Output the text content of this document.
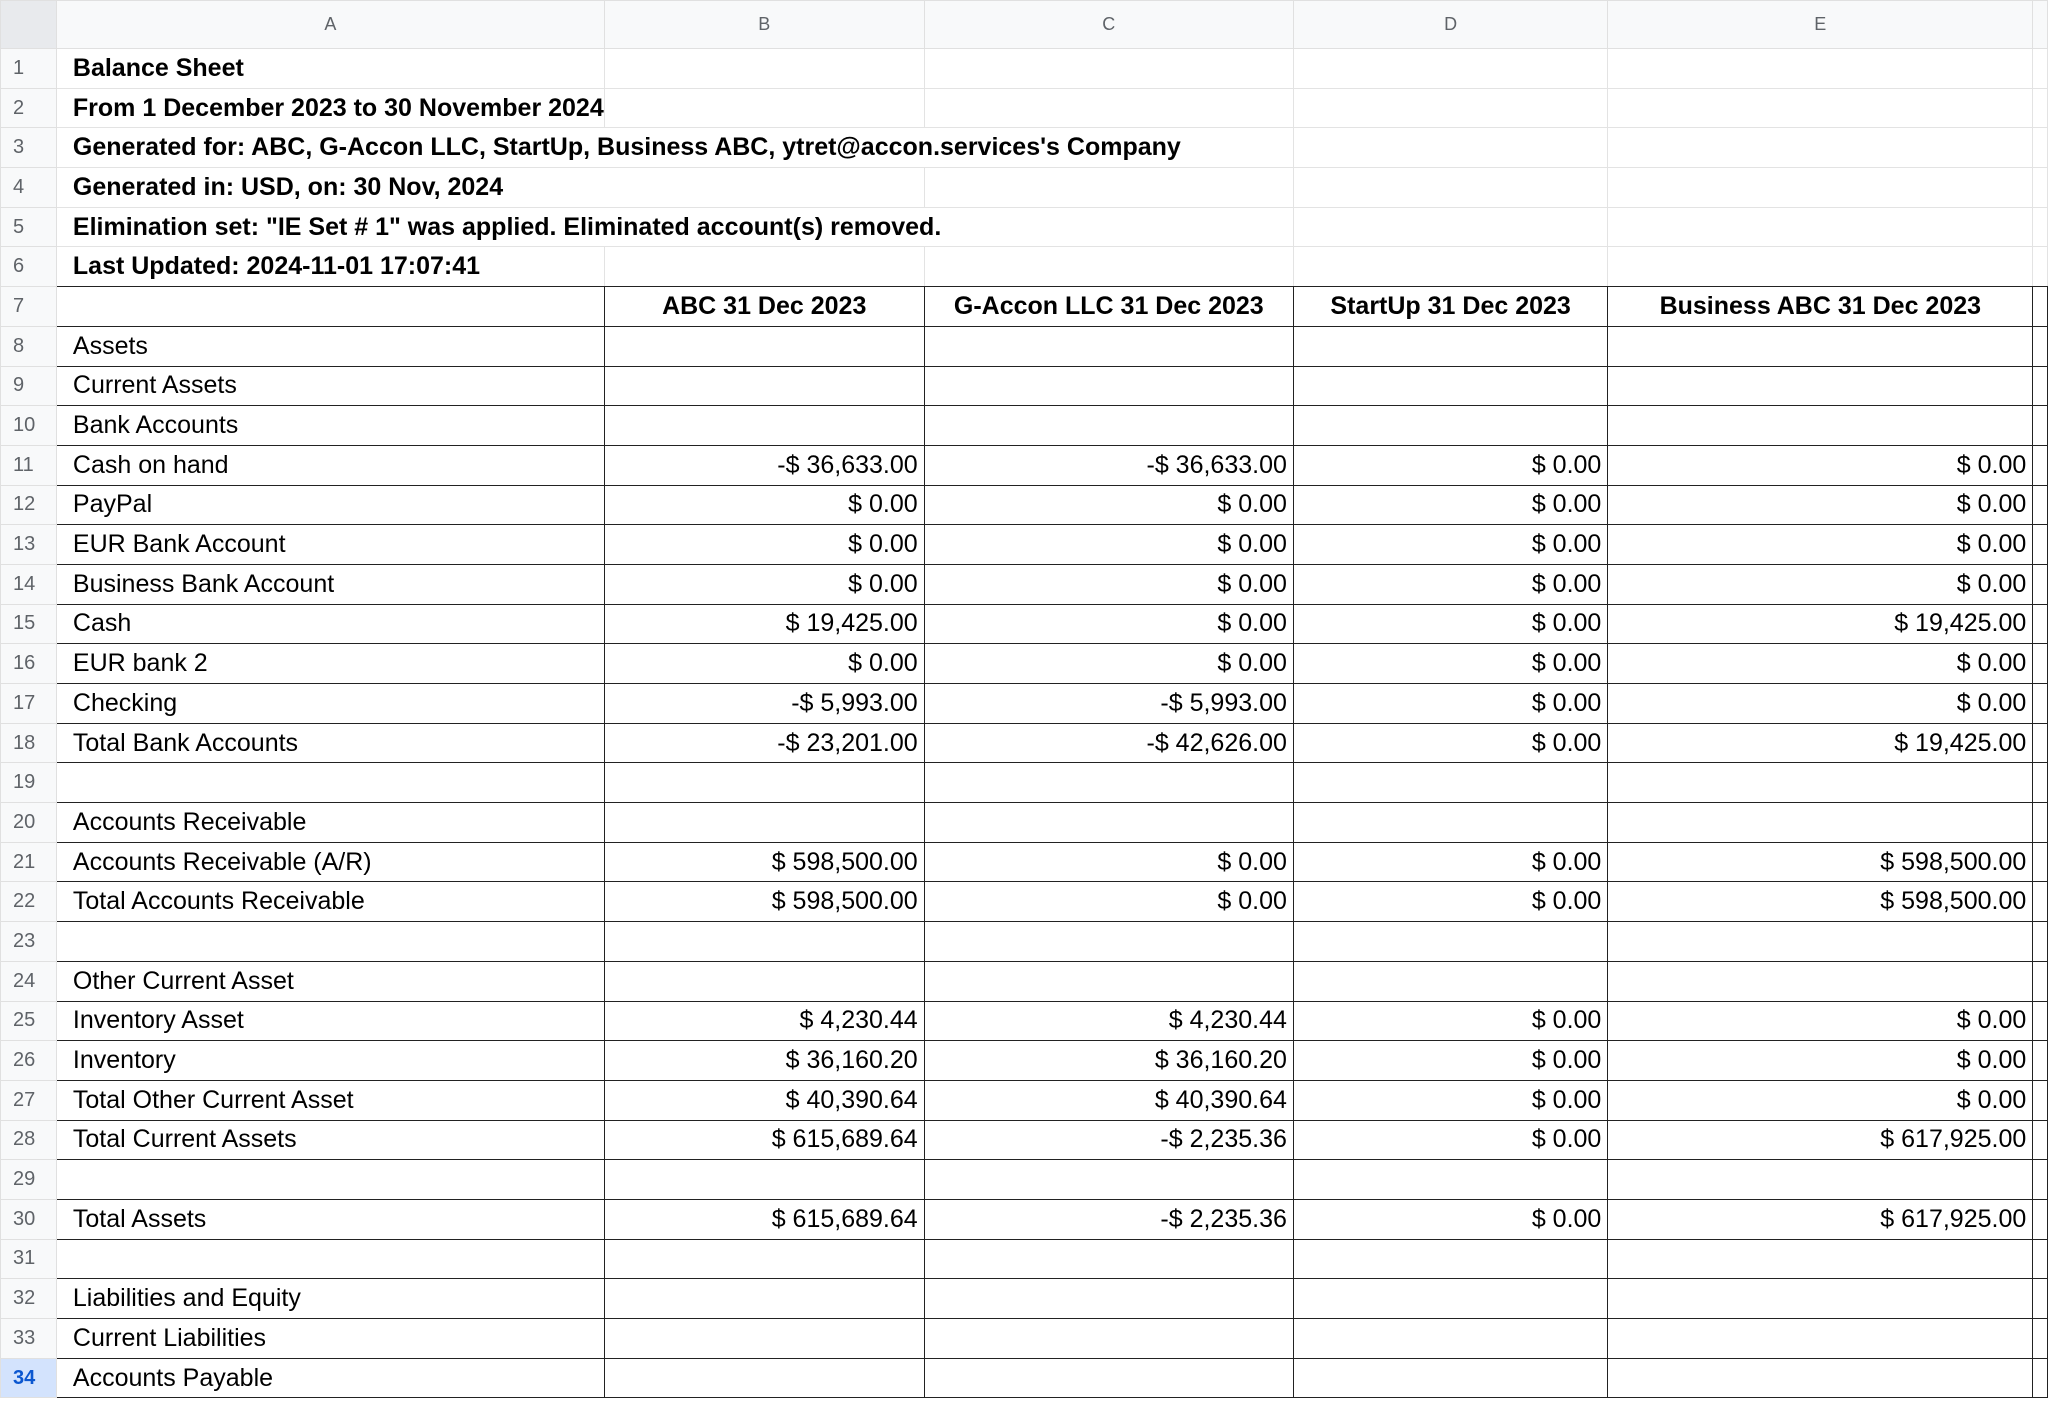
	A	B	C	D	E	
1	Balance Sheet					
2	From 1 December 2023 to 30 November 2024					
3	Generated for: ABC, G-Accon LLC, StartUp, Business ABC, ytret@accon.services's Company					
4	Generated in: USD, on: 30 Nov, 2024					
5	Elimination set: "IE Set # 1" was applied. Eliminated account(s) removed.					
6	Last Updated: 2024-11-01 17:07:41					
7		ABC 31 Dec 2023	G-Accon LLC 31 Dec 2023	StartUp 31 Dec 2023	Business ABC 31 Dec 2023	
8	Assets					
9	Current Assets					
10	Bank Accounts					
11	Cash on hand	-$ 36,633.00	-$ 36,633.00	$ 0.00	$ 0.00	
12	PayPal	$ 0.00	$ 0.00	$ 0.00	$ 0.00	
13	EUR Bank Account	$ 0.00	$ 0.00	$ 0.00	$ 0.00	
14	Business Bank Account	$ 0.00	$ 0.00	$ 0.00	$ 0.00	
15	Cash	$ 19,425.00	$ 0.00	$ 0.00	$ 19,425.00	
16	EUR bank 2	$ 0.00	$ 0.00	$ 0.00	$ 0.00	
17	Checking	-$ 5,993.00	-$ 5,993.00	$ 0.00	$ 0.00	
18	Total Bank Accounts	-$ 23,201.00	-$ 42,626.00	$ 0.00	$ 19,425.00	
19						
20	Accounts Receivable					
21	Accounts Receivable (A/R)	$ 598,500.00	$ 0.00	$ 0.00	$ 598,500.00	
22	Total Accounts Receivable	$ 598,500.00	$ 0.00	$ 0.00	$ 598,500.00	
23						
24	Other Current Asset					
25	Inventory Asset	$ 4,230.44	$ 4,230.44	$ 0.00	$ 0.00	
26	Inventory	$ 36,160.20	$ 36,160.20	$ 0.00	$ 0.00	
27	Total Other Current Asset	$ 40,390.64	$ 40,390.64	$ 0.00	$ 0.00	
28	Total Current Assets	$ 615,689.64	-$ 2,235.36	$ 0.00	$ 617,925.00	
29						
30	Total Assets	$ 615,689.64	-$ 2,235.36	$ 0.00	$ 617,925.00	
31						
32	Liabilities and Equity					
33	Current Liabilities					
34	Accounts Payable					
